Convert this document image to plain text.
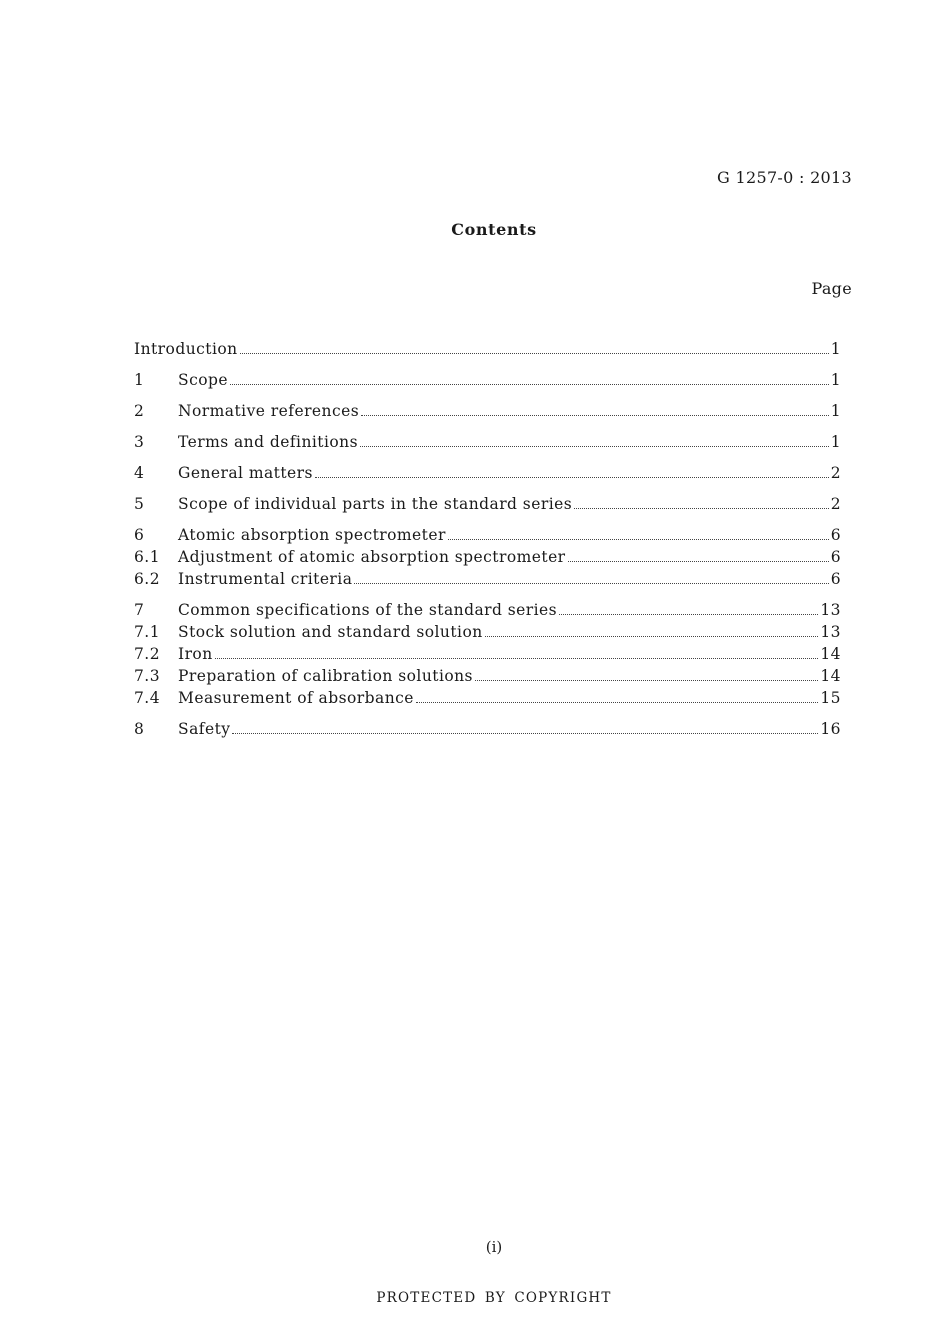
G 1257-0 : 2013
Contents
Page
Introduction	1
1	Scope	1
2	Normative references	1
3	Terms and definitions	1
4	General matters	2
5	Scope of individual parts in the standard series	2
6	Atomic absorption spectrometer	6
6.1	Adjustment of atomic absorption spectrometer	6
6.2	Instrumental criteria	6
7	Common specifications of the standard series	13
7.1	Stock solution and standard solution	13
7.2	Iron	14
7.3	Preparation of calibration solutions	14
7.4	Measurement of absorbance	15
8	Safety	16
(i)
PROTECTED BY COPYRIGHT
